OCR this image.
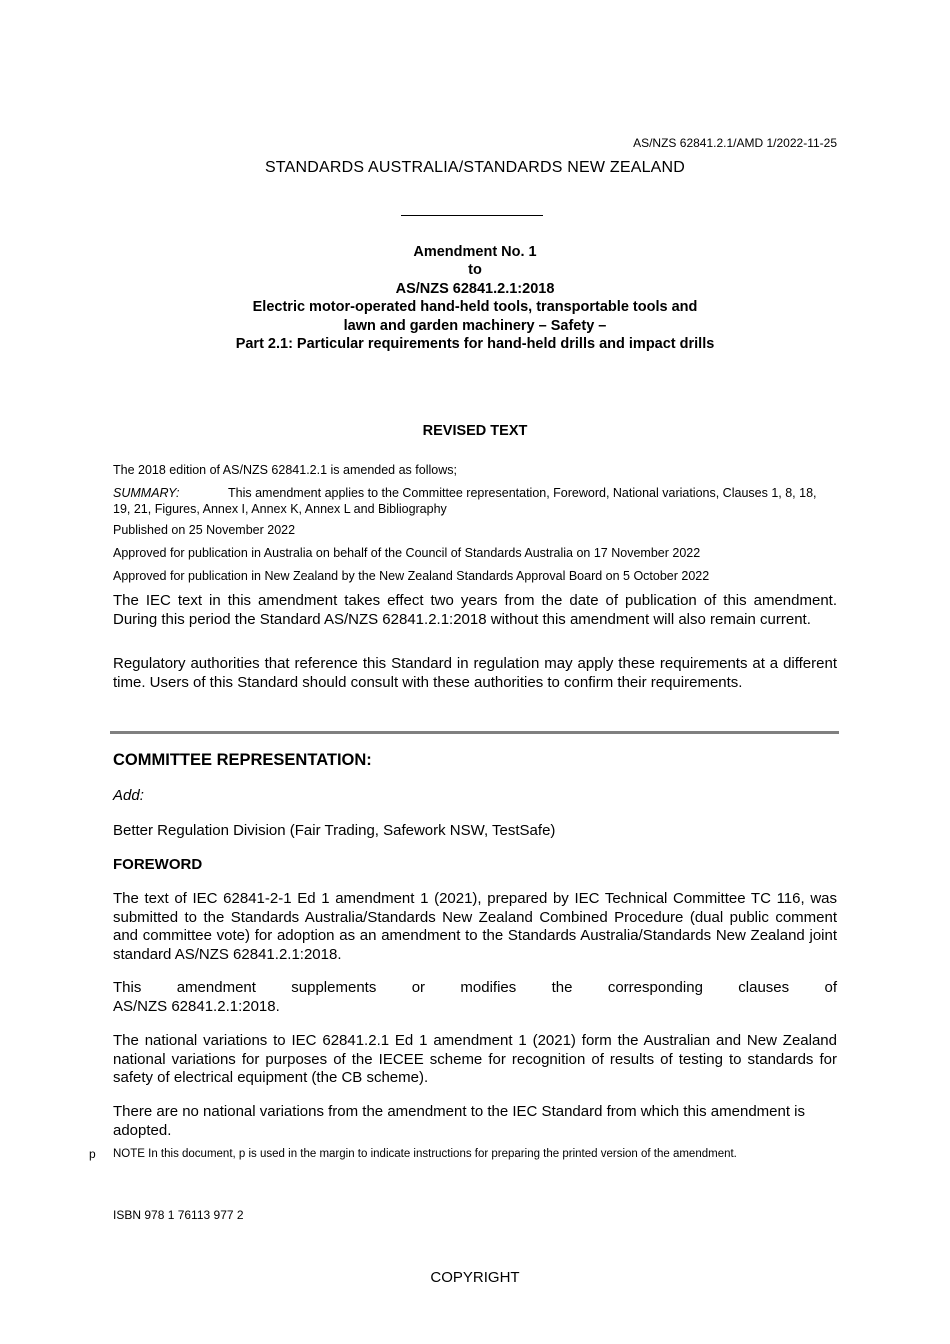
AS/NZS 62841.2.1/AMD 1/2022-11-25
STANDARDS AUSTRALIA/STANDARDS NEW ZEALAND
Amendment No. 1
to
AS/NZS 62841.2.1:2018
Electric motor-operated hand-held tools, transportable tools and
lawn and garden machinery – Safety –
Part 2.1: Particular requirements for hand-held drills and impact drills
REVISED TEXT
The 2018 edition of AS/NZS 62841.2.1 is amended as follows;
SUMMARY:	This amendment applies to the Committee representation, Foreword, National variations, Clauses 1, 8, 18, 19, 21, Figures, Annex I, Annex K, Annex L and Bibliography
Published on 25 November 2022
Approved for publication in Australia on behalf of the Council of Standards Australia on 17 November 2022
Approved for publication in New Zealand by the New Zealand Standards Approval Board on 5 October 2022
The IEC text in this amendment takes effect two years from the date of publication of this amendment. During this period the Standard AS/NZS 62841.2.1:2018 without this amendment will also remain current.
Regulatory authorities that reference this Standard in regulation may apply these requirements at a different time. Users of this Standard should consult with these authorities to confirm their requirements.
COMMITTEE REPRESENTATION:
Add:
Better Regulation Division (Fair Trading, Safework NSW, TestSafe)
FOREWORD
The text of IEC 62841-2-1 Ed 1 amendment 1 (2021), prepared by IEC Technical Committee TC 116, was submitted to the Standards Australia/Standards New Zealand Combined Procedure (dual public comment and committee vote) for adoption as an amendment to the Standards Australia/Standards New Zealand joint standard AS/NZS 62841.2.1:2018.
This amendment supplements or modifies the corresponding clauses of
AS/NZS 62841.2.1:2018.
The national variations to IEC 62841.2.1 Ed 1 amendment 1 (2021) form the Australian and New Zealand national variations for purposes of the IECEE scheme for recognition of results of testing to standards for safety of electrical equipment (the CB scheme).
There are no national variations from the amendment to the IEC Standard from which this amendment is adopted.
p NOTE In this document, p is used in the margin to indicate instructions for preparing the printed version of the amendment.
ISBN 978 1 76113 977 2
COPYRIGHT
